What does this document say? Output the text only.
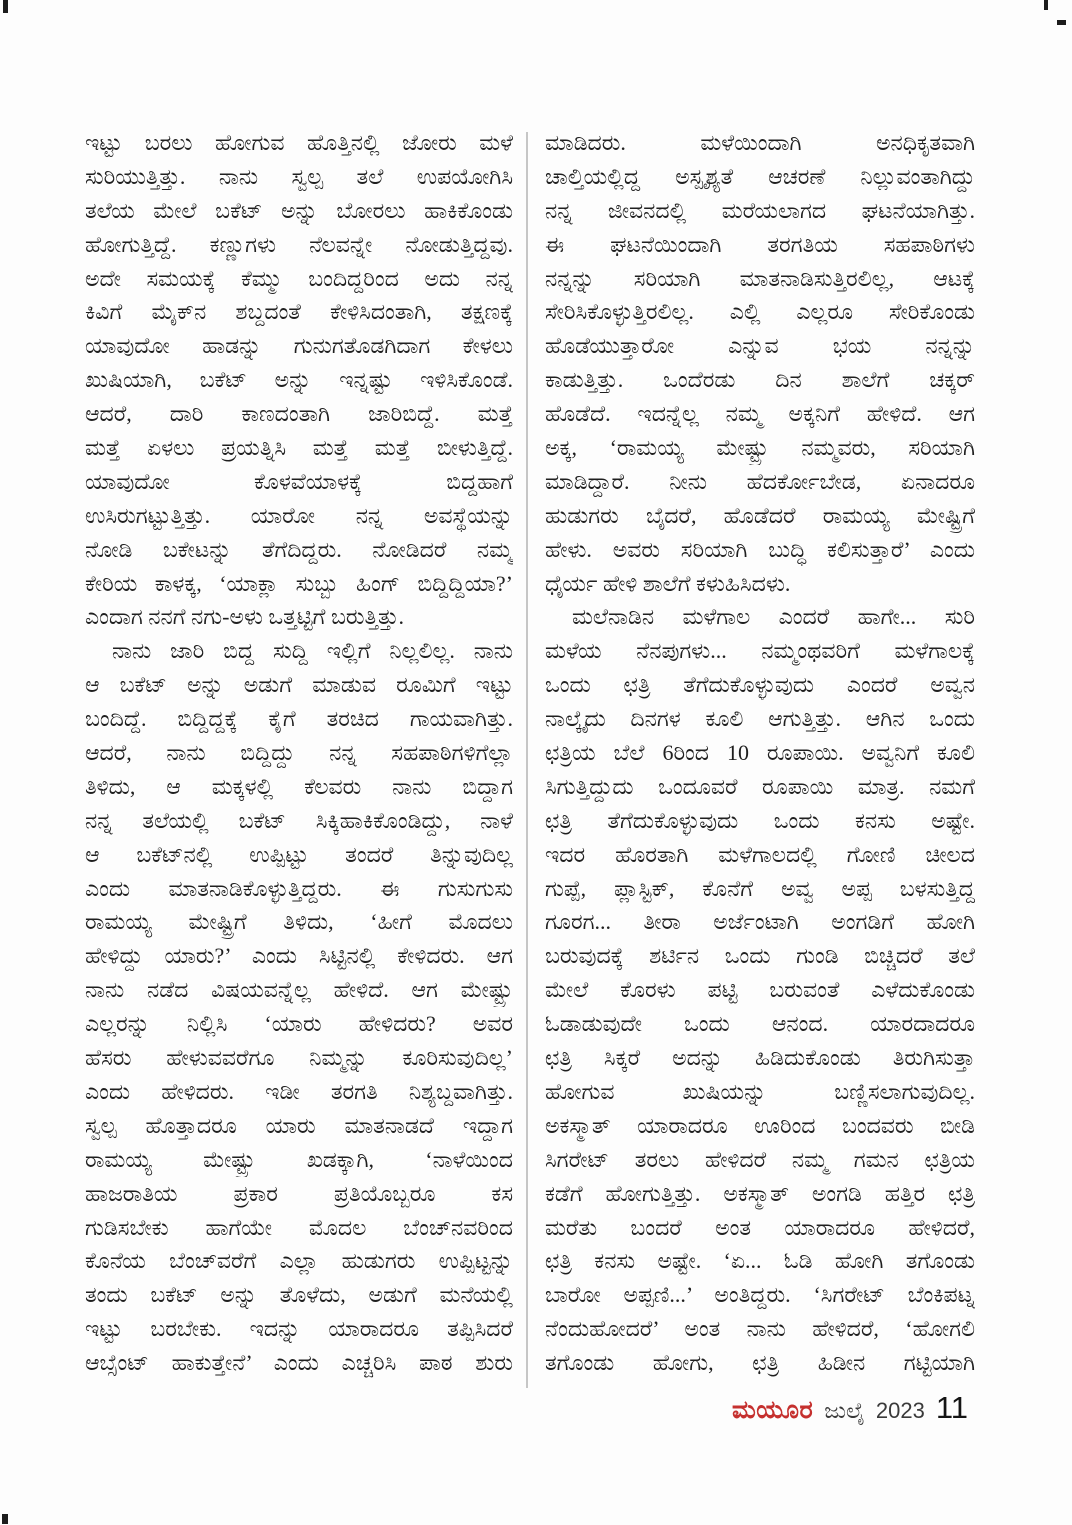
ಇಟ್ಟು ಬರಲು ಹೋಗುವ ಹೊತ್ತಿನಲ್ಲಿ ಜೋರು ಮಳೆ
ಸುರಿಯುತ್ತಿತ್ತು. ನಾನು ಸ್ವಲ್ಪ ತಲೆ ಉಪಯೋಗಿಸಿ
ತಲೆಯ ಮೇಲೆ ಬಕೆಟ್ ಅನ್ನು ಬೋರಲು ಹಾಕಿಕೊಂಡು
ಹೋಗುತ್ತಿದ್ದೆ. ಕಣ್ಣುಗಳು ನೆಲವನ್ನೇ ನೋಡುತ್ತಿದ್ದವು.
ಅದೇ ಸಮಯಕ್ಕೆ ಕೆಮ್ಮು ಬಂದಿದ್ದರಿಂದ ಅದು ನನ್ನ
ಕಿವಿಗೆ ಮೈಕ್‌ನ ಶಬ್ದದಂತೆ ಕೇಳಿಸಿದಂತಾಗಿ, ತಕ್ಷಣಕ್ಕೆ
ಯಾವುದೋ ಹಾಡನ್ನು ಗುನುಗತೊಡಗಿದಾಗ ಕೇಳಲು
ಖುಷಿಯಾಗಿ, ಬಕೆಟ್ ಅನ್ನು ಇನ್ನಷ್ಟು ಇಳಿಸಿಕೊಂಡೆ.
ಆದರೆ, ದಾರಿ ಕಾಣದಂತಾಗಿ ಜಾರಿಬಿದ್ದೆ. ಮತ್ತೆ
ಮತ್ತೆ ಏಳಲು ಪ್ರಯತ್ನಿಸಿ ಮತ್ತೆ ಮತ್ತೆ ಬೀಳುತ್ತಿದ್ದೆ.
ಯಾವುದೋ ಕೊಳವೆಯಾಳಕ್ಕೆ ಬಿದ್ದಹಾಗೆ
ಉಸಿರುಗಟ್ಟುತ್ತಿತ್ತು. ಯಾರೋ ನನ್ನ ಅವಸ್ಥೆಯನ್ನು
ನೋಡಿ ಬಕೇಟನ್ನು ತೆಗೆದಿದ್ದರು. ನೋಡಿದರೆ ನಮ್ಮ
ಕೇರಿಯ ಕಾಳಕ್ಕ, ‘ಯಾಕ್ಲಾ ಸುಬ್ಬು ಹಿಂಗ್ ಬಿದ್ದಿದ್ದಿಯಾ?’
ಎಂದಾಗ ನನಗೆ ನಗು-ಅಳು ಒತ್ತಟ್ಟಿಗೆ ಬರುತ್ತಿತ್ತು.
ನಾನು ಜಾರಿ ಬಿದ್ದ ಸುದ್ದಿ ಇಲ್ಲಿಗೆ ನಿಲ್ಲಲಿಲ್ಲ. ನಾನು
ಆ ಬಕೆಟ್ ಅನ್ನು ಅಡುಗೆ ಮಾಡುವ ರೂಮಿಗೆ ಇಟ್ಟು
ಬಂದಿದ್ದೆ. ಬಿದ್ದಿದ್ದಕ್ಕೆ ಕೈಗೆ ತರಚಿದ ಗಾಯವಾಗಿತ್ತು.
ಆದರೆ, ನಾನು ಬಿದ್ದಿದ್ದು ನನ್ನ ಸಹಪಾಠಿಗಳಿಗೆಲ್ಲಾ
ತಿಳಿದು, ಆ ಮಕ್ಕಳಲ್ಲಿ ಕೆಲವರು ನಾನು ಬಿದ್ದಾಗ
ನನ್ನ ತಲೆಯಲ್ಲಿ ಬಕೆಟ್ ಸಿಕ್ಕಿಹಾಕಿಕೊಂಡಿದ್ದು, ನಾಳೆ
ಆ ಬಕೆಟ್‌ನಲ್ಲಿ ಉಪ್ಪಿಟ್ಟು ತಂದರೆ ತಿನ್ನುವುದಿಲ್ಲ
ಎಂದು ಮಾತನಾಡಿಕೊಳ್ಳುತ್ತಿದ್ದರು. ಈ ಗುಸುಗುಸು
ರಾಮಯ್ಯ ಮೇಷ್ಟ್ರಿಗೆ ತಿಳಿದು, ‘ಹೀಗೆ ಮೊದಲು
ಹೇಳಿದ್ದು ಯಾರು?’ ಎಂದು ಸಿಟ್ಟಿನಲ್ಲಿ ಕೇಳಿದರು. ಆಗ
ನಾನು ನಡೆದ ವಿಷಯವನ್ನೆಲ್ಲ ಹೇಳಿದೆ. ಆಗ ಮೇಷ್ಟ್ರು
ಎಲ್ಲರನ್ನು ನಿಲ್ಲಿಸಿ ‘ಯಾರು ಹೇಳಿದರು? ಅವರ
ಹೆಸರು ಹೇಳುವವರೆಗೂ ನಿಮ್ಮನ್ನು ಕೂರಿಸುವುದಿಲ್ಲ’
ಎಂದು ಹೇಳಿದರು. ಇಡೀ ತರಗತಿ ನಿಶ್ಯಬ್ದವಾಗಿತ್ತು.
ಸ್ವಲ್ಪ ಹೊತ್ತಾದರೂ ಯಾರು ಮಾತನಾಡದೆ ಇದ್ದಾಗ
ರಾಮಯ್ಯ ಮೇಷ್ಟ್ರು ಖಡಕ್ಕಾಗಿ, ‘ನಾಳೆಯಿಂದ
ಹಾಜರಾತಿಯ ಪ್ರಕಾರ ಪ್ರತಿಯೊಬ್ಬರೂ ಕಸ
ಗುಡಿಸಬೇಕು ಹಾಗೆಯೇ ಮೊದಲ ಬೆಂಚ್‌ನವರಿಂದ
ಕೊನೆಯ ಬೆಂಚ್‌ವರೆಗೆ ಎಲ್ಲಾ ಹುಡುಗರು ಉಪ್ಪಿಟ್ಟನ್ನು
ತಂದು ಬಕೆಟ್ ಅನ್ನು ತೊಳೆದು, ಅಡುಗೆ ಮನೆಯಲ್ಲಿ
ಇಟ್ಟು ಬರಬೇಕು. ಇದನ್ನು ಯಾರಾದರೂ ತಪ್ಪಿಸಿದರೆ
ಆಬ್ಸೆಂಟ್ ಹಾಕುತ್ತೇನೆ’ ಎಂದು ಎಚ್ಚರಿಸಿ ಪಾಠ ಶುರು
ಮಾಡಿದರು. ಮಳೆಯಿಂದಾಗಿ ಅನಧಿಕೃತವಾಗಿ
ಚಾಲ್ತಿಯಲ್ಲಿದ್ದ ಅಸ್ಪೃಶ್ಯತೆ ಆಚರಣೆ ನಿಲ್ಲುವಂತಾಗಿದ್ದು
ನನ್ನ ಜೀವನದಲ್ಲಿ ಮರೆಯಲಾಗದ ಘಟನೆಯಾಗಿತ್ತು.
ಈ ಘಟನೆಯಿಂದಾಗಿ ತರಗತಿಯ ಸಹಪಾಠಿಗಳು
ನನ್ನನ್ನು ಸರಿಯಾಗಿ ಮಾತನಾಡಿಸುತ್ತಿರಲಿಲ್ಲ, ಆಟಕ್ಕೆ
ಸೇರಿಸಿಕೊಳ್ಳುತ್ತಿರಲಿಲ್ಲ. ಎಲ್ಲಿ ಎಲ್ಲರೂ ಸೇರಿಕೊಂಡು
ಹೊಡೆಯುತ್ತಾರೋ ಎನ್ನುವ ಭಯ ನನ್ನನ್ನು
ಕಾಡುತ್ತಿತ್ತು. ಒಂದೆರಡು ದಿನ ಶಾಲೆಗೆ ಚಕ್ಕರ್
ಹೊಡೆದೆ. ಇದನ್ನೆಲ್ಲ ನಮ್ಮ ಅಕ್ಕನಿಗೆ ಹೇಳಿದೆ. ಆಗ
ಅಕ್ಕ, ‘ರಾಮಯ್ಯ ಮೇಷ್ಟ್ರು ನಮ್ಮವರು, ಸರಿಯಾಗಿ
ಮಾಡಿದ್ದಾರೆ. ನೀನು ಹೆದರ್ಕೋಬೇಡ, ಏನಾದರೂ
ಹುಡುಗರು ಬೈದರೆ, ಹೊಡೆದರೆ ರಾಮಯ್ಯ ಮೇಷ್ಟ್ರಿಗೆ
ಹೇಳು. ಅವರು ಸರಿಯಾಗಿ ಬುದ್ಧಿ ಕಲಿಸುತ್ತಾರೆ’ ಎಂದು
ಧೈರ್ಯ ಹೇಳಿ ಶಾಲೆಗೆ ಕಳುಹಿಸಿದಳು.
ಮಲೆನಾಡಿನ ಮಳೆಗಾಲ ಎಂದರೆ ಹಾಗೇ... ಸುರಿ
ಮಳೆಯ ನೆನಪುಗಳು... ನಮ್ಮಂಥವರಿಗೆ ಮಳೆಗಾಲಕ್ಕೆ
ಒಂದು ಛತ್ರಿ ತೆಗೆದುಕೊಳ್ಳುವುದು ಎಂದರೆ ಅವ್ವನ
ನಾಲ್ಕೈದು ದಿನಗಳ ಕೂಲಿ ಆಗುತ್ತಿತ್ತು. ಆಗಿನ ಒಂದು
ಛತ್ರಿಯ ಬೆಲೆ 6ರಿಂದ 10 ರೂಪಾಯಿ. ಅವ್ವನಿಗೆ ಕೂಲಿ
ಸಿಗುತ್ತಿದ್ದುದು ಒಂದೂವರೆ ರೂಪಾಯಿ ಮಾತ್ರ. ನಮಗೆ
ಛತ್ರಿ ತೆಗೆದುಕೊಳ್ಳುವುದು ಒಂದು ಕನಸು ಅಷ್ಟೇ.
ಇದರ ಹೊರತಾಗಿ ಮಳೆಗಾಲದಲ್ಲಿ ಗೋಣಿ ಚೀಲದ
ಗುಪ್ಪೆ, ಪ್ಲಾಸ್ಟಿಕ್, ಕೊನೆಗೆ ಅವ್ವ ಅಪ್ಪ ಬಳಸುತ್ತಿದ್ದ
ಗೂರಗ... ತೀರಾ ಅರ್ಜೆಂಟಾಗಿ ಅಂಗಡಿಗೆ ಹೋಗಿ
ಬರುವುದಕ್ಕೆ ಶರ್ಟಿನ ಒಂದು ಗುಂಡಿ ಬಿಚ್ಚಿದರೆ ತಲೆ
ಮೇಲೆ ಕೊರಳು ಪಟ್ಟಿ ಬರುವಂತೆ ಎಳೆದುಕೊಂಡು
ಓಡಾಡುವುದೇ ಒಂದು ಆನಂದ. ಯಾರದಾದರೂ
ಛತ್ರಿ ಸಿಕ್ಕರೆ ಅದನ್ನು ಹಿಡಿದುಕೊಂಡು ತಿರುಗಿಸುತ್ತಾ
ಹೋಗುವ ಖುಷಿಯನ್ನು ಬಣ್ಣಿಸಲಾಗುವುದಿಲ್ಲ.
ಅಕಸ್ಮಾತ್ ಯಾರಾದರೂ ಊರಿಂದ ಬಂದವರು ಬೀಡಿ
ಸಿಗರೇಟ್ ತರಲು ಹೇಳಿದರೆ ನಮ್ಮ ಗಮನ ಛತ್ರಿಯ
ಕಡೆಗೆ ಹೋಗುತ್ತಿತ್ತು. ಅಕಸ್ಮಾತ್ ಅಂಗಡಿ ಹತ್ತಿರ ಛತ್ರಿ
ಮರೆತು ಬಂದರೆ ಅಂತ ಯಾರಾದರೂ ಹೇಳಿದರೆ,
ಛತ್ರಿ ಕನಸು ಅಷ್ಟೇ. ‘ಏ... ಓಡಿ ಹೋಗಿ ತಗೊಂಡು
ಬಾರೋ ಅಪ್ಪಣಿ...’ ಅಂತಿದ್ದರು. ‘ಸಿಗರೇಟ್ ಬೆಂಕಿಪಟ್ನ
ನೆಂದುಹೋದರೆ’ ಅಂತ ನಾನು ಹೇಳಿದರೆ, ‘ಹೋಗಲಿ
ತಗೊಂಡು ಹೋಗು, ಛತ್ರಿ ಹಿಡೀನ ಗಟ್ಟಿಯಾಗಿ
ಮಯೂರ ಜುಲೈ 2023 11
